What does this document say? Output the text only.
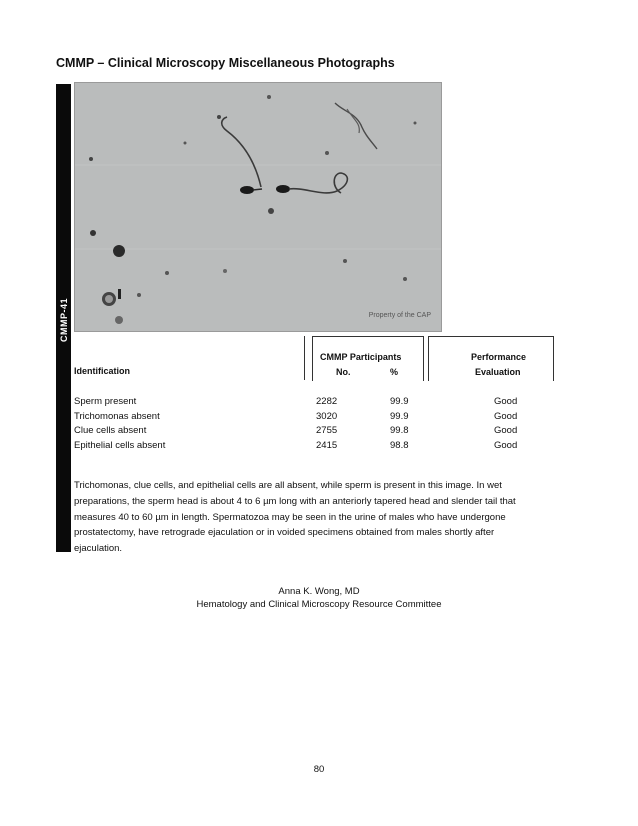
CMMP – Clinical Microscopy Miscellaneous Photographs
CMMP-41	Property of the CAP
Identification
CMMP Participants
No.	%
Performance
Evaluation
Sperm present	2282	99.9	Good
Trichomonas absent	3020	99.9	Good
Clue cells absent	2755	99.8	Good
Epithelial cells absent	2415	98.8	Good
Trichomonas, clue cells, and epithelial cells are all absent, while sperm is present in this image. In wet
preparations, the sperm head is about 4 to 6 µm long with an anteriorly tapered head and slender tail that
measures 40 to 60 µm in length. Spermatozoa may be seen in the urine of males who have undergone
prostatectomy, have retrograde ejaculation or in voided specimens obtained from males shortly after
ejaculation.
Anna K. Wong, MD
Hematology and Clinical Microscopy Resource Committee
80
